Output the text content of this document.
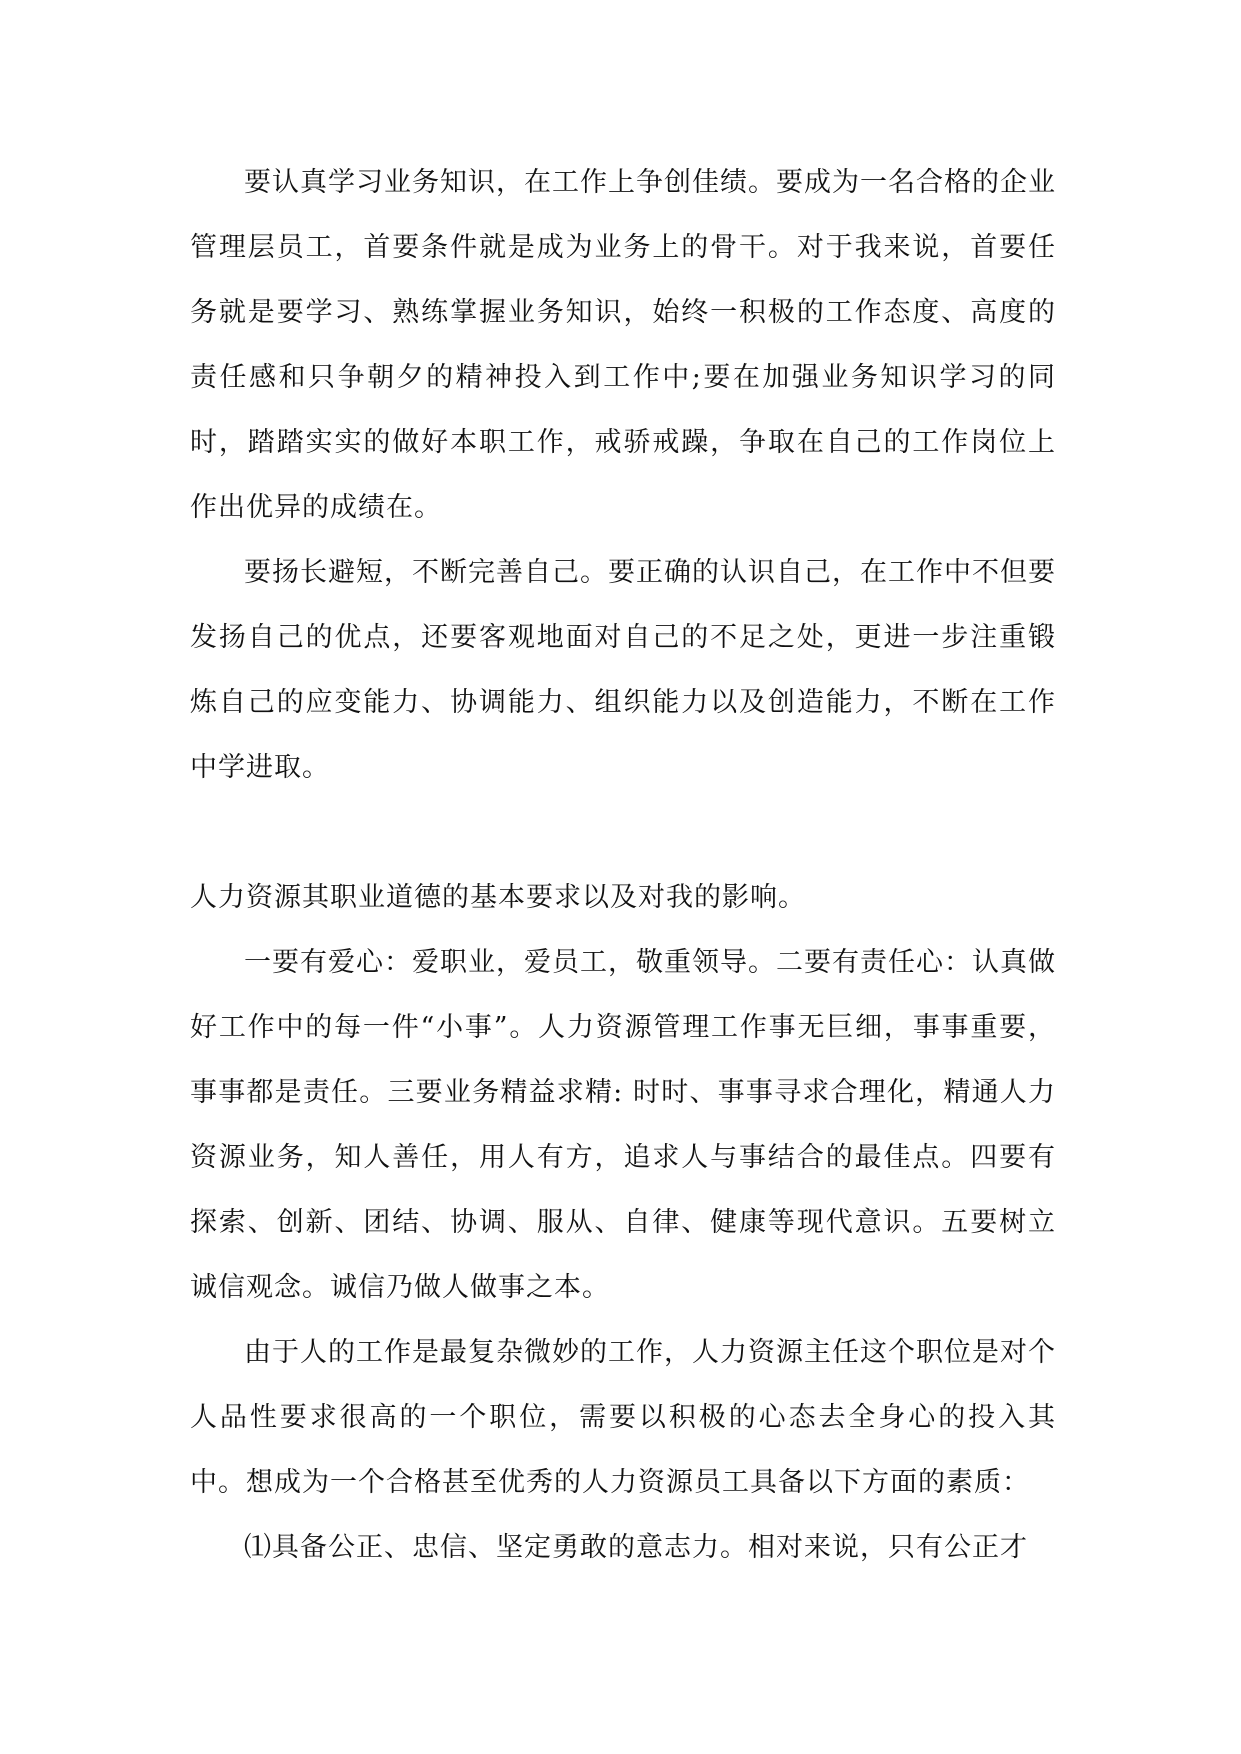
要认真学习业务知识，在工作上争创佳绩。要成为一名合格的企业管理层员工，首要条件就是成为业务上的骨干。对于我来说，首要任务就是要学习、熟练掌握业务知识，始终一积极的工作态度、高度的责任感和只争朝夕的精神投入到工作中;要在加强业务知识学习的同时，踏踏实实的做好本职工作，戒骄戒躁，争取在自己的工作岗位上作出优异的成绩在。

要扬长避短，不断完善自己。要正确的认识自己，在工作中不但要发扬自己的优点，还要客观地面对自己的不足之处，更进一步注重锻炼自己的应变能力、协调能力、组织能力以及创造能力，不断在工作中学进取。

人力资源其职业道德的基本要求以及对我的影响。

一要有爱心：爱职业，爱员工，敬重领导。二要有责任心：认真做好工作中的每一件“小事”。人力资源管理工作事无巨细，事事重要，事事都是责任。三要业务精益求精: 时时、事事寻求合理化，精通人力资源业务，知人善任，用人有方，追求人与事结合的最佳点。四要有探索、创新、团结、协调、服从、自律、健康等现代意识。五要树立诚信观念。诚信乃做人做事之本。

由于人的工作是最复杂微妙的工作，人力资源主任这个职位是对个人品性要求很高的一个职位，需要以积极的心态去全身心的投入其中。想成为一个合格甚至优秀的人力资源员工具备以下方面的素质：

⑴具备公正、忠信、坚定勇敢的意志力。相对来说，只有公正才
